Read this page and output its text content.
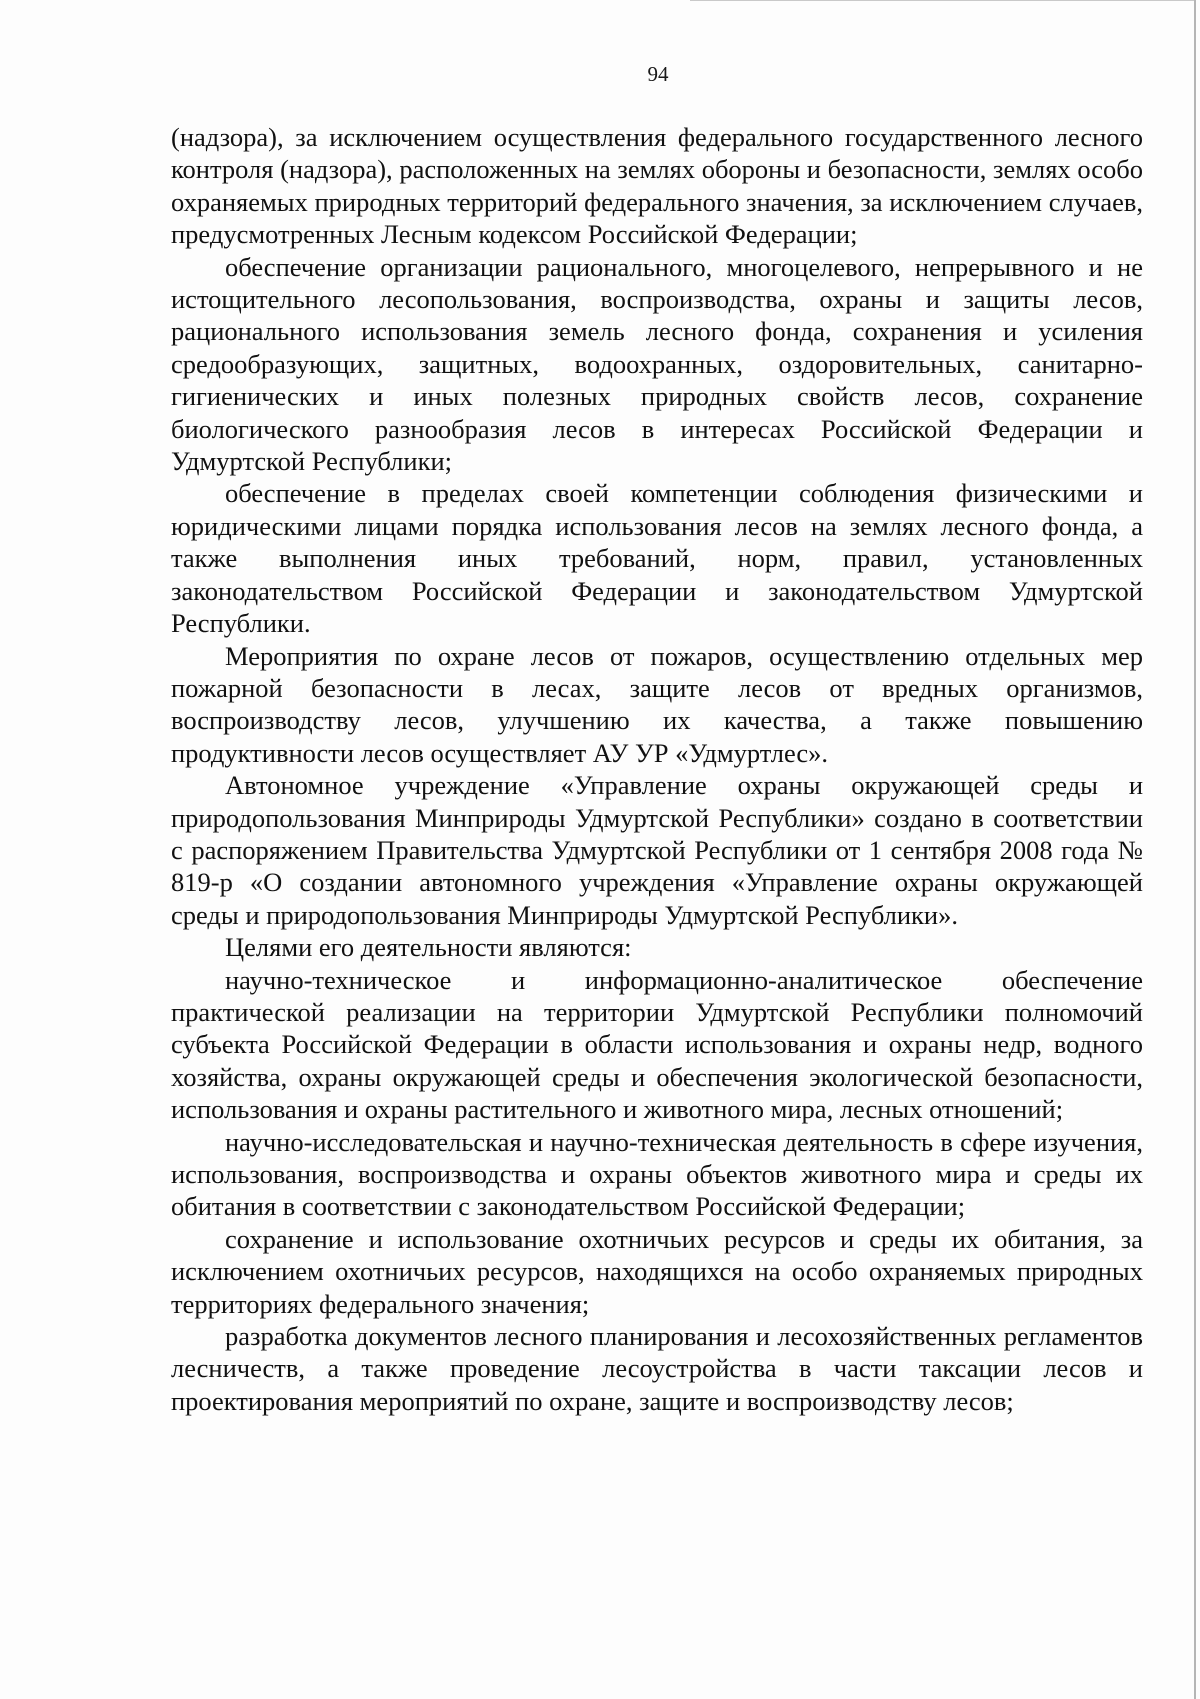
94

(надзора), за исключением осуществления федерального государственного лесного контроля (надзора), расположенных на землях обороны и безопасности, землях особо охраняемых природных территорий федерального значения, за исключением случаев, предусмотренных Лесным кодексом Российской Федерации;

обеспечение организации рационального, многоцелевого, непрерывного и не истощительного лесопользования, воспроизводства, охраны и защиты лесов, рационального использования земель лесного фонда, сохранения и усиления средообразующих, защитных, водоохранных, оздоровительных, санитарно-гигиенических и иных полезных природных свойств лесов, сохранение биологического разнообразия лесов в интересах Российской Федерации и Удмуртской Республики;

обеспечение в пределах своей компетенции соблюдения физическими и юридическими лицами порядка использования лесов на землях лесного фонда, а также выполнения иных требований, норм, правил, установленных законодательством Российской Федерации и законодательством Удмуртской Республики.

Мероприятия по охране лесов от пожаров, осуществлению отдельных мер пожарной безопасности в лесах, защите лесов от вредных организмов, воспроизводству лесов, улучшению их качества, а также повышению продуктивности лесов осуществляет АУ УР «Удмуртлес».

Автономное учреждение «Управление охраны окружающей среды и природопользования Минприроды Удмуртской Республики» создано в соответствии с распоряжением Правительства Удмуртской Республики от 1 сентября 2008 года № 819-р «О создании автономного учреждения «Управление охраны окружающей среды и природопользования Минприроды Удмуртской Республики».

Целями его деятельности являются:

научно-техническое и информационно-аналитическое обеспечение практической реализации на территории Удмуртской Республики полномочий субъекта Российской Федерации в области использования и охраны недр, водного хозяйства, охраны окружающей среды и обеспечения экологической безопасности, использования и охраны растительного и животного мира, лесных отношений;

научно-исследовательская и научно-техническая деятельность в сфере изучения, использования, воспроизводства и охраны объектов животного мира и среды их обитания в соответствии с законодательством Российской Федерации;

сохранение и использование охотничьих ресурсов и среды их обитания, за исключением охотничьих ресурсов, находящихся на особо охраняемых природных территориях федерального значения;

разработка документов лесного планирования и лесохозяйственных регламентов лесничеств, а также проведение лесоустройства в части таксации лесов и проектирования мероприятий по охране, защите и воспроизводству лесов;
